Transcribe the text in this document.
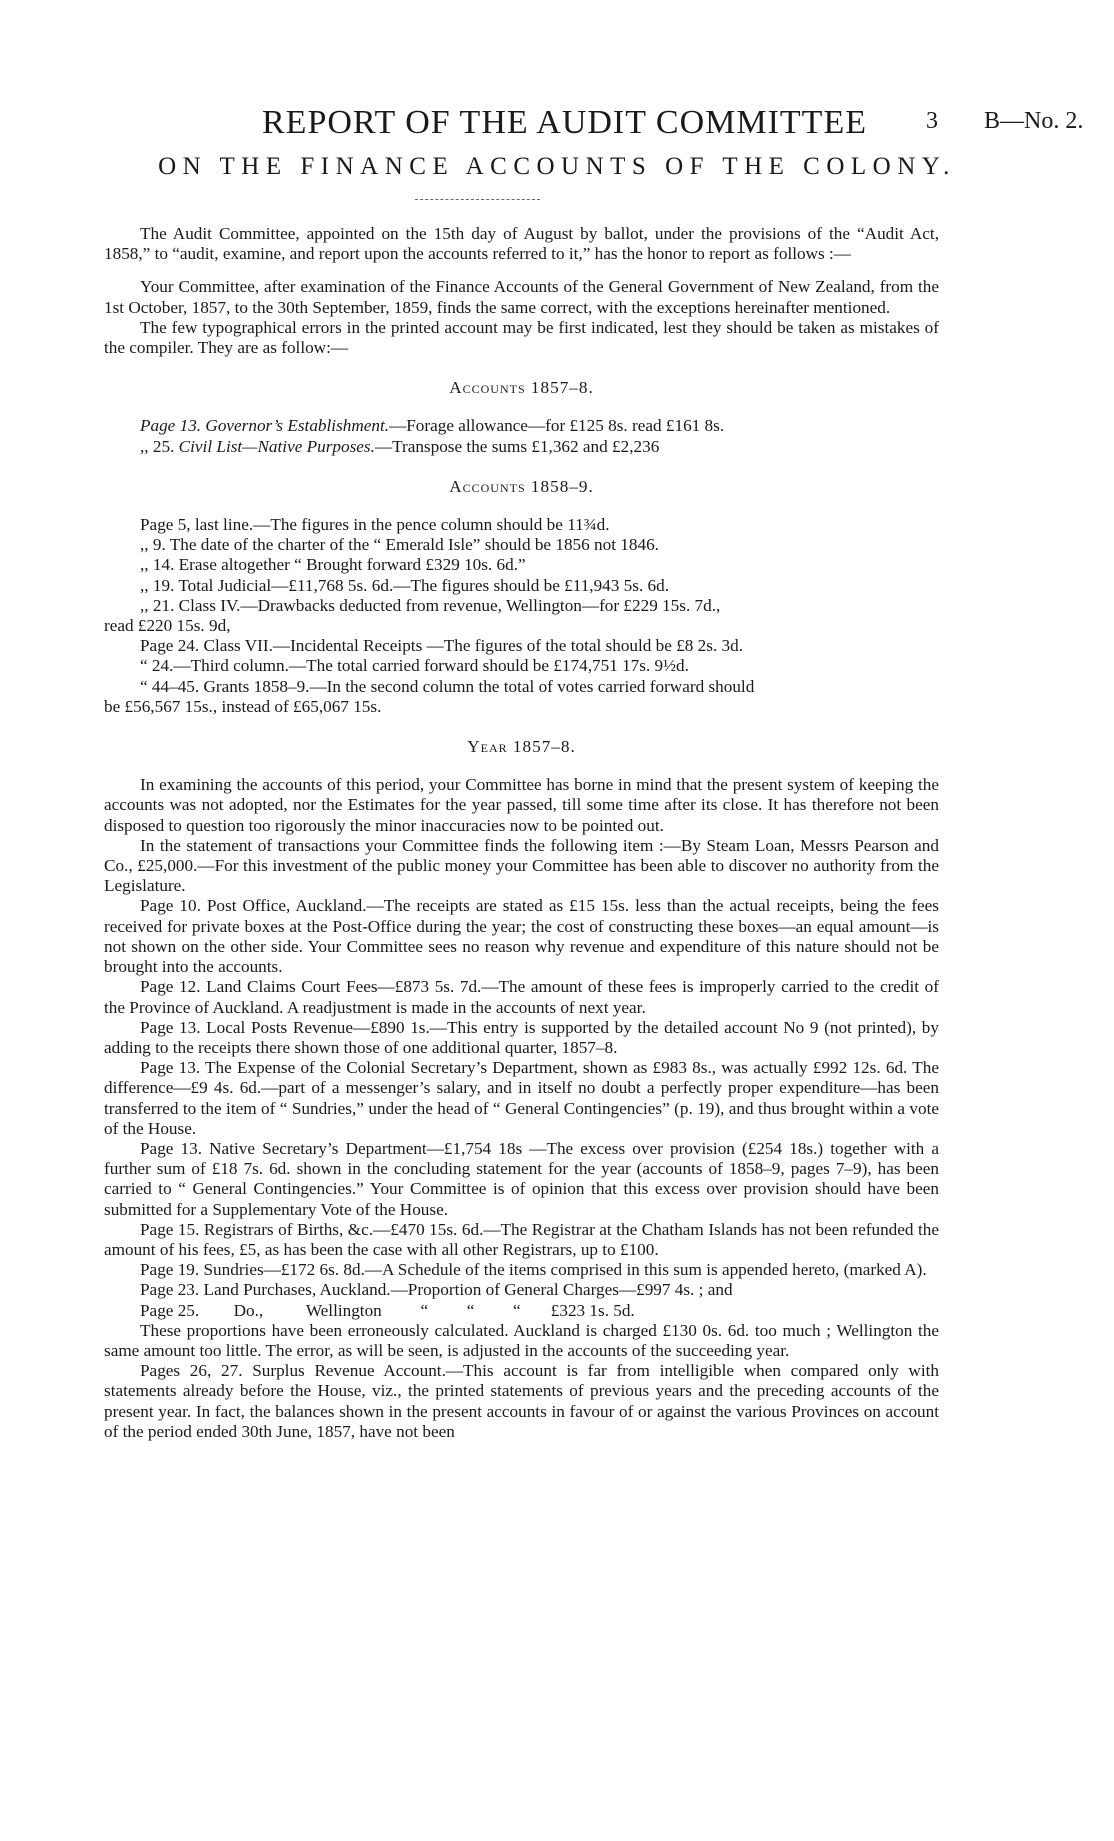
REPORT OF THE AUDIT COMMITTEE 3 B—No. 2.
ON THE FINANCE ACCOUNTS OF THE COLONY.

The Audit Committee, appointed on the 15th day of August by ballot, under the provisions of the “Audit Act, 1858,” to “audit, examine, and report upon the accounts referred to it,” has the honor to report as follows :—

Your Committee, after examination of the Finance Accounts of the General Government of New Zealand, from the 1st October, 1857, to the 30th September, 1859, finds the same correct, with the exceptions hereinafter mentioned.

The few typographical errors in the printed account may be first indicated, lest they should be taken as mistakes of the compiler. They are as follow:—

Accounts 1857–8.

Page 13. Governor’s Establishment.—Forage allowance—for £125 8s. read £161 8s.

,, 25. Civil List—Native Purposes.—Transpose the sums £1,362 and £2,236

Accounts 1858–9.

Page 5, last line.—The figures in the pence column should be 11¾d.

,, 9. The date of the charter of the “ Emerald Isle” should be 1856 not 1846.

,, 14. Erase altogether “ Brought forward £329 10s. 6d.”

,, 19. Total Judicial—£11,768 5s. 6d.—The figures should be £11,943 5s. 6d.

,, 21. Class IV.—Drawbacks deducted from revenue, Wellington—for £229 15s. 7d.,

read £220 15s. 9d,

Page 24. Class VII.—Incidental Receipts —The figures of the total should be £8 2s. 3d.

“ 24.—Third column.—The total carried forward should be £174,751 17s. 9½d.

“ 44–45. Grants 1858–9.—In the second column the total of votes carried forward should

be £56,567 15s., instead of £65,067 15s.

Year 1857–8.

In examining the accounts of this period, your Committee has borne in mind that the present system of keeping the accounts was not adopted, nor the Estimates for the year passed, till some time after its close. It has therefore not been disposed to question too rigorously the minor inaccuracies now to be pointed out.

In the statement of transactions your Committee finds the following item :—By Steam Loan, Messrs Pearson and Co., £25,000.—For this investment of the public money your Committee has been able to discover no authority from the Legislature.

Page 10. Post Office, Auckland.—The receipts are stated as £15 15s. less than the actual receipts, being the fees received for private boxes at the Post-Office during the year; the cost of constructing these boxes—an equal amount—is not shown on the other side. Your Committee sees no reason why revenue and expenditure of this nature should not be brought into the accounts.

Page 12. Land Claims Court Fees—£873 5s. 7d.—The amount of these fees is improperly carried to the credit of the Province of Auckland. A readjustment is made in the accounts of next year.

Page 13. Local Posts Revenue—£890 1s.—This entry is supported by the detailed account No 9 (not printed), by adding to the receipts there shown those of one additional quarter, 1857–8.

Page 13. The Expense of the Colonial Secretary’s Department, shown as £983 8s., was actually £992 12s. 6d. The difference—£9 4s. 6d.—part of a messenger’s salary, and in itself no doubt a perfectly proper expenditure—has been transferred to the item of “ Sundries,” under the head of “ General Contingencies” (p. 19), and thus brought within a vote of the House.

Page 13. Native Secretary’s Department—£1,754 18s —The excess over provision (£254 18s.) together with a further sum of £18 7s. 6d. shown in the concluding statement for the year (accounts of 1858–9, pages 7–9), has been carried to “ General Contingencies.” Your Committee is of opinion that this excess over provision should have been submitted for a Supplementary Vote of the House.

Page 15. Registrars of Births, &c.—£470 15s. 6d.—The Registrar at the Chatham Islands has not been refunded the amount of his fees, £5, as has been the case with all other Registrars, up to £100.

Page 19. Sundries—£172 6s. 8d.—A Schedule of the items comprised in this sum is appended hereto, (marked A).

Page 23. Land Purchases, Auckland.—Proportion of General Charges—£997 4s. ; and

Page 25.        Do.,          Wellington         “         “         “       £323 1s. 5d.

These proportions have been erroneously calculated. Auckland is charged £130 0s. 6d. too much ; Wellington the same amount too little. The error, as will be seen, is adjusted in the accounts of the succeeding year.

Pages 26, 27. Surplus Revenue Account.—This account is far from intelligible when compared only with statements already before the House, viz., the printed statements of previous years and the preceding accounts of the present year. In fact, the balances shown in the present accounts in favour of or against the various Provinces on account of the period ended 30th June, 1857, have not been
